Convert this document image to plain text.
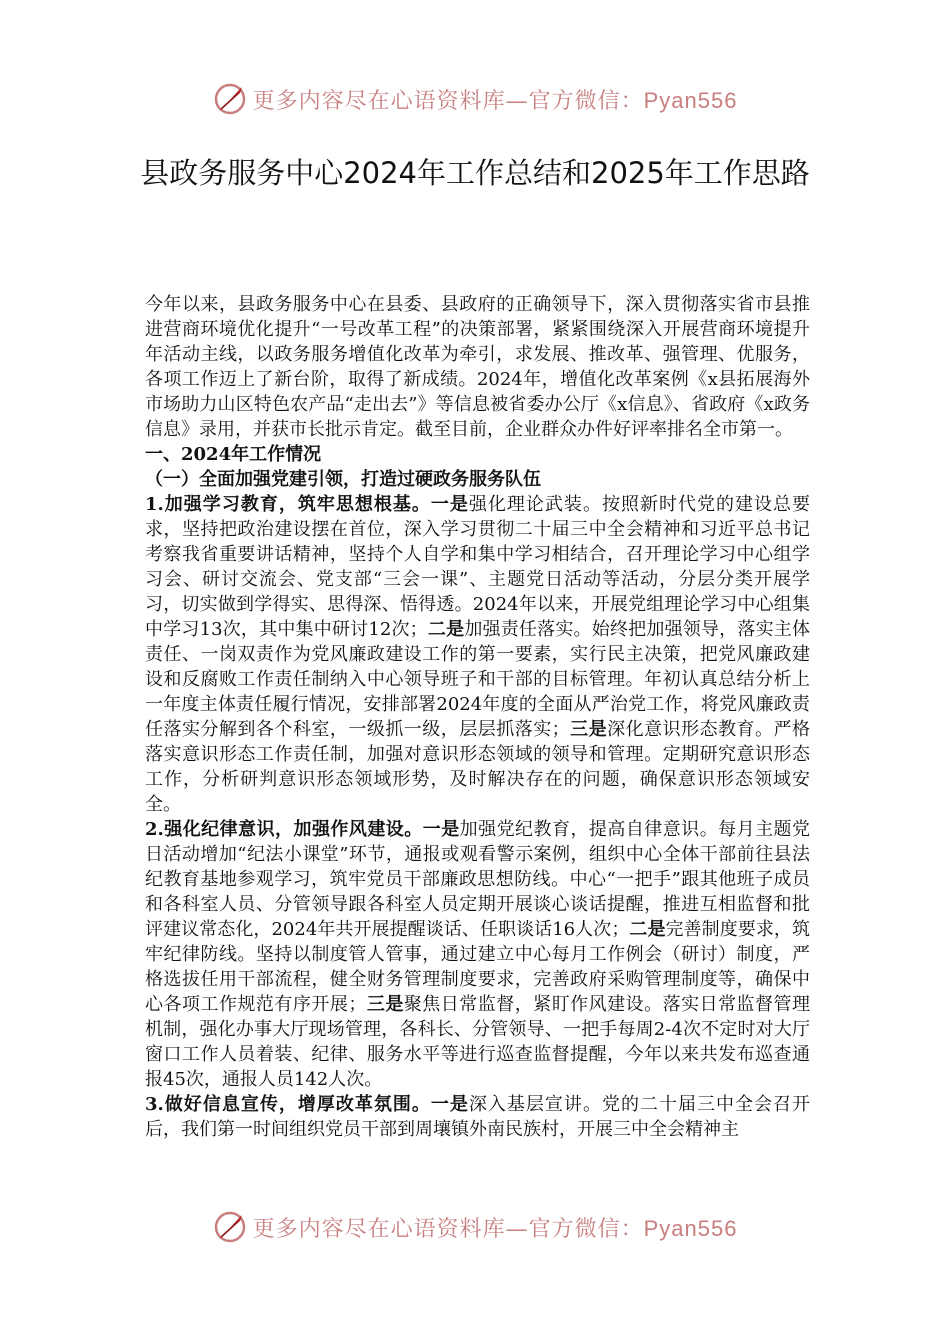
更多内容尽在心语资料库—官方微信：Pyan556
县政务服务中心2024年工作总结和2025年工作思路

今年以来，县政务服务中心在县委、县政府的正确领导下，深入贯彻落实省市县推进营商环境优化提升“一号改革工程”的决策部署，紧紧围绕深入开展营商环境提升年活动主线，以政务服务增值化改革为牵引，求发展、推改革、强管理、优服务，各项工作迈上了新台阶，取得了新成绩。2024年，增值化改革案例《x县拓展海外市场助力山区特色农产品“走出去”》等信息被省委办公厅《x信息》、省政府《x政务信息》录用，并获市长批示肯定。截至目前，企业群众办件好评率排名全市第一。

一、2024年工作情况

（一）全面加强党建引领，打造过硬政务服务队伍

1.加强学习教育，筑牢思想根基。一是强化理论武装。按照新时代党的建设总要求，坚持把政治建设摆在首位，深入学习贯彻二十届三中全会精神和习近平总书记考察我省重要讲话精神，坚持个人自学和集中学习相结合，召开理论学习中心组学习会、研讨交流会、党支部“三会一课”、主题党日活动等活动，分层分类开展学习，切实做到学得实、思得深、悟得透。2024年以来，开展党组理论学习中心组集中学习13次，其中集中研讨12次；二是加强责任落实。始终把加强领导，落实主体责任、一岗双责作为党风廉政建设工作的第一要素，实行民主决策，把党风廉政建设和反腐败工作责任制纳入中心领导班子和干部的目标管理。年初认真总结分析上一年度主体责任履行情况，安排部署2024年度的全面从严治党工作，将党风廉政责任落实分解到各个科室，一级抓一级，层层抓落实；三是深化意识形态教育。严格落实意识形态工作责任制，加强对意识形态领域的领导和管理。定期研究意识形态工作，分析研判意识形态领域形势，及时解决存在的问题，确保意识形态领域安全。

2.强化纪律意识，加强作风建设。一是加强党纪教育，提高自律意识。每月主题党日活动增加“纪法小课堂”环节，通报或观看警示案例，组织中心全体干部前往县法纪教育基地参观学习，筑牢党员干部廉政思想防线。中心“一把手”跟其他班子成员和各科室人员、分管领导跟各科室人员定期开展谈心谈话提醒，推进互相监督和批评建议常态化，2024年共开展提醒谈话、任职谈话16人次；二是完善制度要求，筑牢纪律防线。坚持以制度管人管事，通过建立中心每月工作例会（研讨）制度，严格选拔任用干部流程，健全财务管理制度要求，完善政府采购管理制度等，确保中心各项工作规范有序开展；三是聚焦日常监督，紧盯作风建设。落实日常监督管理机制，强化办事大厅现场管理，各科长、分管领导、一把手每周2-4次不定时对大厅窗口工作人员着装、纪律、服务水平等进行巡查监督提醒，今年以来共发布巡查通报45次，通报人员142人次。

3.做好信息宣传，增厚改革氛围。一是深入基层宣讲。党的二十届三中全会召开后，我们第一时间组织党员干部到周壤镇外南民族村，开展三中全会精神主

更多内容尽在心语资料库—官方微信：Pyan556
